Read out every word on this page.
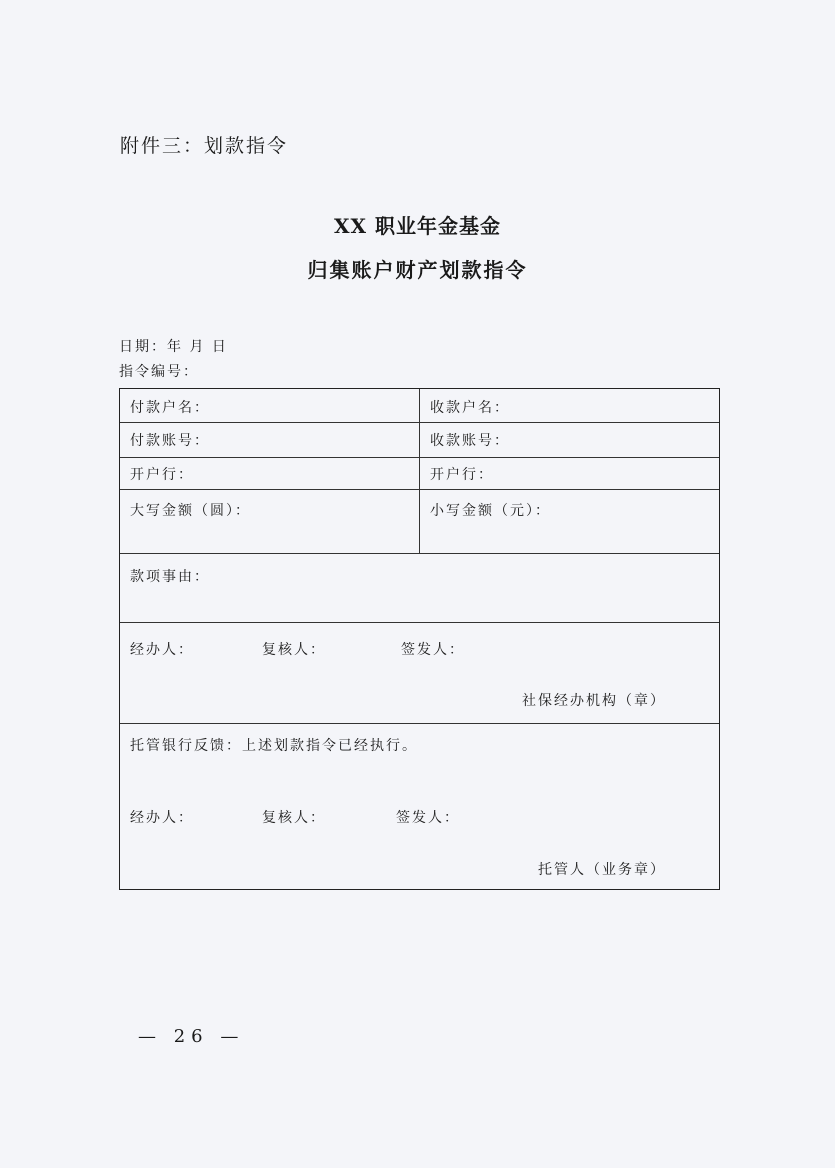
附件三：划款指令
XX 职业年金基金
归集账户财产划款指令
日期：年 月 日
指令编号：
付款户名：	收款户名：
付款账号：	收款账号：
开户行：	开户行：
大写金额（圆）：	小写金额（元）：
款项事由：
经办人：	复核人：	签发人：
社保经办机构（章）
托管银行反馈：上述划款指令已经执行。
经办人：	复核人：	签发人：
托管人（业务章）
— 26 —
